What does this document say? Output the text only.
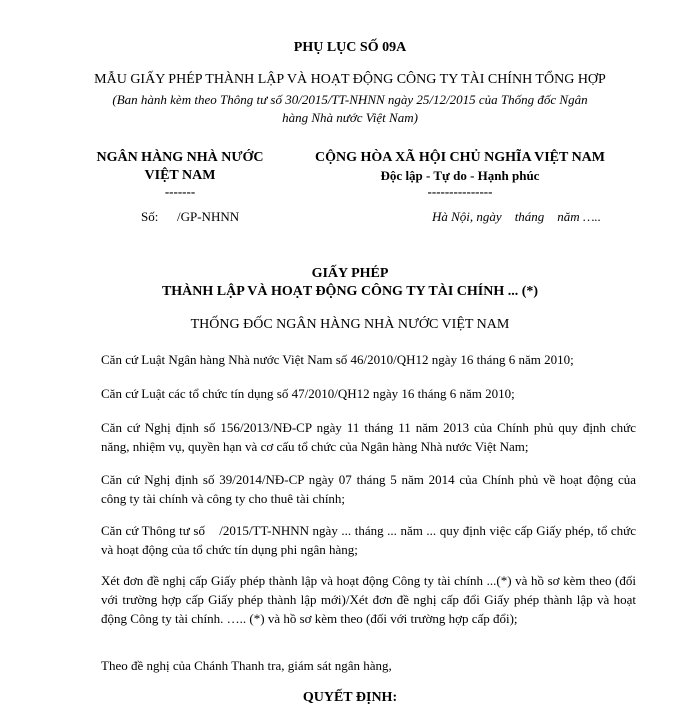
PHỤ LỤC SỐ 09A
MẪU GIẤY PHÉP THÀNH LẬP VÀ HOẠT ĐỘNG CÔNG TY TÀI CHÍNH TỔNG HỢP
(Ban hành kèm theo Thông tư số 30/2015/TT-NHNN ngày 25/12/2015 của Thống đốc Ngân
hàng Nhà nước Việt Nam)
NGÂN HÀNG NHÀ NƯỚC
VIỆT NAM
-------
CỘNG HÒA XÃ HỘI CHỦ NGHĨA VIỆT NAM
Độc lập - Tự do - Hạnh phúc
---------------
Số: /GP-NHNN	Hà Nội, ngày    tháng    năm …..
GIẤY PHÉP
THÀNH LẬP VÀ HOẠT ĐỘNG CÔNG TY TÀI CHÍNH ... (*)
THỐNG ĐỐC NGÂN HÀNG NHÀ NƯỚC VIỆT NAM
Căn cứ Luật Ngân hàng Nhà nước Việt Nam số 46/2010/QH12 ngày 16 tháng 6 năm 2010;
Căn cứ Luật các tổ chức tín dụng số 47/2010/QH12 ngày 16 tháng 6 năm 2010;
Căn cứ Nghị định số 156/2013/NĐ-CP ngày 11 tháng 11 năm 2013 của Chính phủ quy định chức năng, nhiệm vụ, quyền hạn và cơ cấu tổ chức của Ngân hàng Nhà nước Việt Nam;
Căn cứ Nghị định số 39/2014/NĐ-CP ngày 07 tháng 5 năm 2014 của Chính phủ về hoạt động của công ty tài chính và công ty cho thuê tài chính;
Căn cứ Thông tư số    /2015/TT-NHNN ngày ... tháng ... năm ... quy định việc cấp Giấy phép, tổ chức và hoạt động của tổ chức tín dụng phi ngân hàng;
Xét đơn đề nghị cấp Giấy phép thành lập và hoạt động Công ty tài chính ...(*) và hồ sơ kèm theo (đối với trường hợp cấp Giấy phép thành lập mới)/Xét đơn đề nghị cấp đổi Giấy phép thành lập và hoạt động Công ty tài chính. ….. (*) và hồ sơ kèm theo (đối với trường hợp cấp đổi);
Theo đề nghị của Chánh Thanh tra, giám sát ngân hàng,
QUYẾT ĐỊNH:
